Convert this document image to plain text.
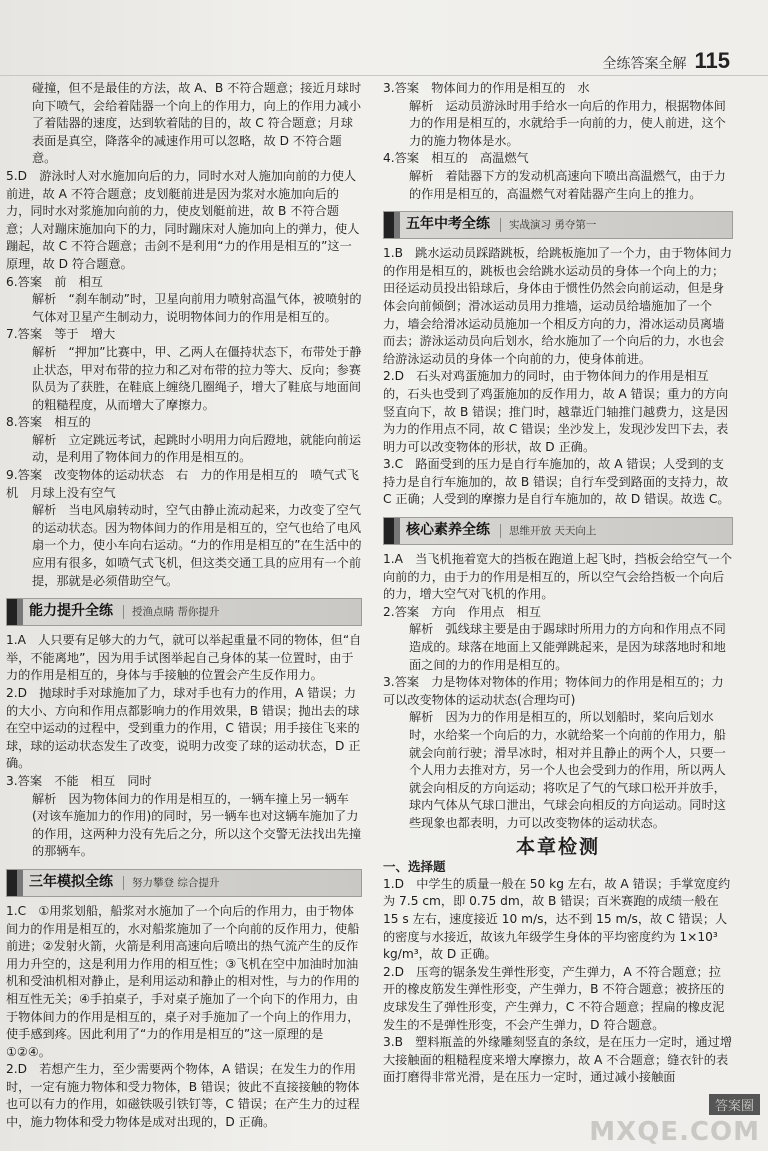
全练答案全解 115

碰撞，但不是最佳的方法，故 A、B 不符合题意；接近月球时向下喷气，会给着陆器一个向上的作用力，向上的作用力减小了着陆器的速度，达到软着陆的目的，故 C 符合题意；月球表面是真空，降落伞的减速作用可以忽略，故 D 不符合题意。

5.D　游泳时人对水施加向后的力，同时水对人施加向前的力使人前进，故 A 不符合题意；皮划艇前进是因为浆对水施加向后的力，同时水对浆施加向前的力，使皮划艇前进，故 B 不符合题意；人对蹦床施加向下的力，同时蹦床对人施加向上的弹力，使人蹦起，故 C 不符合题意；击剑不是利用“力的作用是相互的”这一原理，故 D 符合题意。

6.答案　前　相互

解析　“刹车制动”时，卫星向前用力喷射高温气体，被喷射的气体对卫星产生制动力，说明物体间力的作用是相互的。

7.答案　等于　增大

解析　“押加”比赛中，甲、乙两人在僵持状态下，布带处于静止状态，甲对布带的拉力和乙对布带的拉力等大、反向；参赛队员为了获胜，在鞋底上缠绕几圈绳子，增大了鞋底与地面间的粗糙程度，从而增大了摩擦力。

8.答案　相互的

解析　立定跳远考试，起跳时小明用力向后蹬地，就能向前运动，是利用了物体间力的作用是相互的。

9.答案　改变物体的运动状态　右　力的作用是相互的　喷气式飞机　月球上没有空气

解析　当电风扇转动时，空气由静止流动起来，力改变了空气的运动状态。因为物体间力的作用是相互的，空气也给了电风扇一个力，使小车向右运动。“力的作用是相互的”在生活中的应用有很多，如喷气式飞机，但这类交通工具的应用有一个前提，那就是必须借助空气。

能力提升全练	授渔点睛 帮你提升

1.A　人只要有足够大的力气，就可以举起重量不同的物体，但“自举，不能离地”，因为用手试图举起自己身体的某一位置时，由于力的作用是相互的，身体与手接触的位置会产生反作用力。

2.D　抛球时手对球施加了力，球对手也有力的作用，A 错误；力的大小、方向和作用点都影响力的作用效果，B 错误；抛出去的球在空中运动的过程中，受到重力的作用，C 错误；用手接住飞来的球，球的运动状态发生了改变，说明力改变了球的运动状态，D 正确。

3.答案　不能　相互　同时

解析　因为物体间力的作用是相互的，一辆车撞上另一辆车(对该车施加力的作用)的同时，另一辆车也对这辆车施加了力的作用，这两种力没有先后之分，所以这个交警无法找出先撞的那辆车。

三年模拟全练	努力攀登 综合提升

1.C　①用浆划船，船浆对水施加了一个向后的作用力，由于物体间力的作用是相互的，水对船浆施加了一个向前的反作用力，使船前进；②发射火箭，火箭是利用高速向后喷出的热气流产生的反作用力升空的，这是利用力作用的相互性；③飞机在空中加油时加油机和受油机相对静止，是利用运动和静止的相对性，与力的作用的相互性无关；④手拍桌子，手对桌子施加了一个向下的作用力，由于物体间力的作用是相互的，桌子对手施加了一个向上的作用力，使手感到疼。因此利用了“力的作用是相互的”这一原理的是①②④。

2.D　若想产生力，至少需要两个物体，A 错误；在发生力的作用时，一定有施力物体和受力物体，B 错误；彼此不直接接触的物体也可以有力的作用，如磁铁吸引铁钉等，C 错误；在产生力的过程中，施力物体和受力物体是成对出现的，D 正确。

3.答案　物体间力的作用是相互的　水

解析　运动员游泳时用手给水一向后的作用力，根据物体间力的作用是相互的，水就给手一向前的力，使人前进，这个力的施力物体是水。

4.答案　相互的　高温燃气

解析　着陆器下方的发动机高速向下喷出高温燃气，由于力的作用是相互的，高温燃气对着陆器产生向上的推力。

五年中考全练	实战演习 勇夺第一

1.B　跳水运动员踩踏跳板，给跳板施加了一个力，由于物体间力的作用是相互的，跳板也会给跳水运动员的身体一个向上的力；田径运动员投出铅球后，身体由于惯性仍然会向前运动，但是身体会向前倾倒；滑冰运动员用力推墙，运动员给墙施加了一个力，墙会给滑冰运动员施加一个相反方向的力，滑冰运动员离墙而去；游泳运动员向后划水，给水施加了一个向后的力，水也会给游泳运动员的身体一个向前的力，使身体前进。

2.D　石头对鸡蛋施加力的同时，由于物体间力的作用是相互的，石头也受到了鸡蛋施加的反作用力，故 A 错误；重力的方向竖直向下，故 B 错误；推门时，越靠近门轴推门越费力，这是因为力的作用点不同，故 C 错误；坐沙发上，发现沙发凹下去，表明力可以改变物体的形状，故 D 正确。

3.C　路面受到的压力是自行车施加的，故 A 错误；人受到的支持力是自行车施加的，故 B 错误；自行车受到路面的支持力，故 C 正确；人受到的摩擦力是自行车施加的，故 D 错误。故选 C。

核心素养全练	思维开放 天天向上

1.A　当飞机拖着宽大的挡板在跑道上起飞时，挡板会给空气一个向前的力，由于力的作用是相互的，所以空气会给挡板一个向后的力，增大空气对飞机的作用。

2.答案　方向　作用点　相互

解析　弧线球主要是由于踢球时所用力的方向和作用点不同造成的。球落在地面上又能弹跳起来，是因为球落地时和地面之间的力的作用是相互的。

3.答案　力是物体对物体的作用；物体间力的作用是相互的；力可以改变物体的运动状态(合理均可)

解析　因为力的作用是相互的，所以划船时，桨向后划水时，水给桨一个向后的力，水就给桨一个向前的作用力，船就会向前行驶；滑旱冰时，相对并且静止的两个人，只要一个人用力去推对方，另一个人也会受到力的作用，所以两人就会向相反的方向运动；将吹足了气的气球口松开并放手，球内气体从气球口泄出，气球会向相反的方向运动。同时这些现象也都表明，力可以改变物体的运动状态。

本章检测

一、选择题

1.D　中学生的质量一般在 50 kg 左右，故 A 错误；手掌宽度约为 7.5 cm，即 0.75 dm，故 B 错误；百米赛跑的成绩一般在 15 s 左右，速度接近 10 m/s，达不到 15 m/s，故 C 错误；人的密度与水接近，故该九年级学生身体的平均密度约为 1×10³ kg/m³，故 D 正确。

2.D　压弯的锯条发生弹性形变，产生弹力，A 不符合题意；拉开的橡皮筋发生弹性形变，产生弹力，B 不符合题意；被挤压的皮球发生了弹性形变，产生弹力，C 不符合题意；捏扁的橡皮泥发生的不是弹性形变，不会产生弹力，D 符合题意。

3.B　塑料瓶盖的外缘雕刻竖直的条纹，是在压力一定时，通过增大接触面的粗糙程度来增大摩擦力，故 A 不合题意；缝衣针的表面打磨得非常光滑，是在压力一定时，通过减小接触面

答案圈
MXQE.COM
